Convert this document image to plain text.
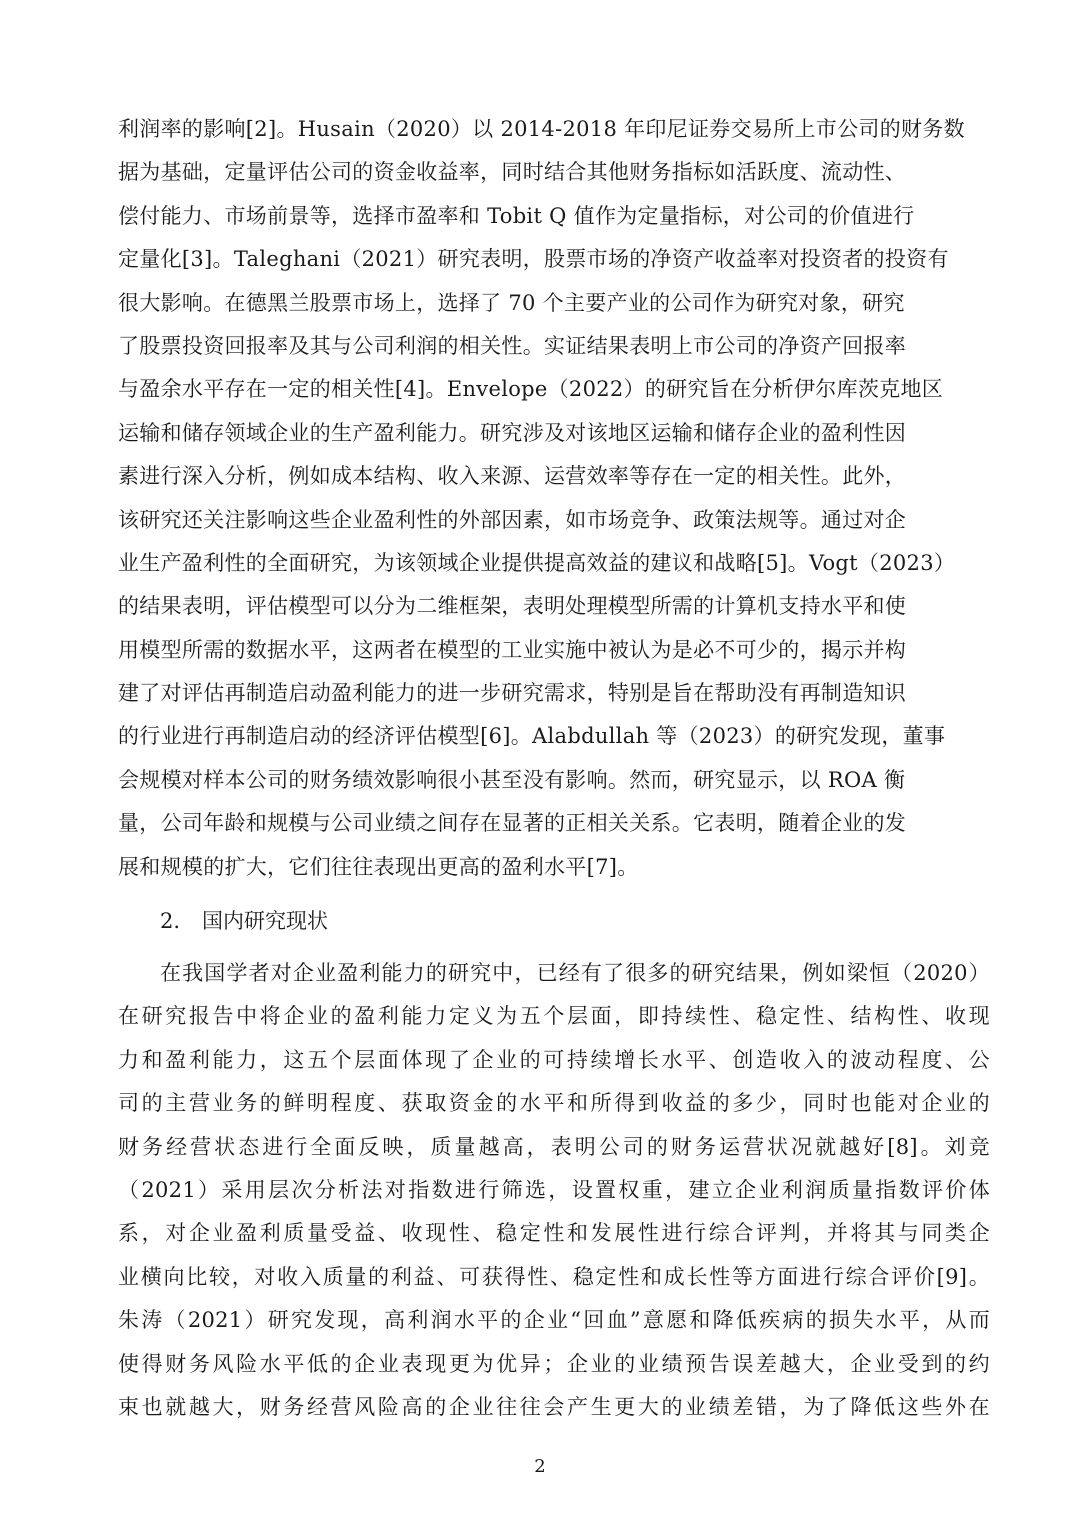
利润率的影响[2]。Husain（2020）以 2014-2018 年印尼证券交易所上市公司的财务数
据为基础，定量评估公司的资金收益率，同时结合其他财务指标如活跃度、流动性、
偿付能力、市场前景等，选择市盈率和 Tobit Q 值作为定量指标，对公司的价值进行
定量化[3]。Taleghani（2021）研究表明，股票市场的净资产收益率对投资者的投资有
很大影响。在德黑兰股票市场上，选择了 70 个主要产业的公司作为研究对象，研究
了股票投资回报率及其与公司利润的相关性。实证结果表明上市公司的净资产回报率
与盈余水平存在一定的相关性[4]。Envelope（2022）的研究旨在分析伊尔库茨克地区
运输和储存领域企业的生产盈利能力。研究涉及对该地区运输和储存企业的盈利性因
素进行深入分析，例如成本结构、收入来源、运营效率等存在一定的相关性。此外，
该研究还关注影响这些企业盈利性的外部因素，如市场竞争、政策法规等。通过对企
业生产盈利性的全面研究，为该领域企业提供提高效益的建议和战略[5]。Vogt（2023）
的结果表明，评估模型可以分为二维框架，表明处理模型所需的计算机支持水平和使
用模型所需的数据水平，这两者在模型的工业实施中被认为是必不可少的，揭示并构
建了对评估再制造启动盈利能力的进一步研究需求，特别是旨在帮助没有再制造知识
的行业进行再制造启动的经济评估模型[6]。Alabdullah 等（2023）的研究发现，董事
会规模对样本公司的财务绩效影响很小甚至没有影响。然而，研究显示，以 ROA 衡
量，公司年龄和规模与公司业绩之间存在显著的正相关关系。它表明，随着企业的发
展和规模的扩大，它们往往表现出更高的盈利水平[7]。
2. 国内研究现状
在我国学者对企业盈利能力的研究中，已经有了很多的研究结果，例如梁恒（2020）
在研究报告中将企业的盈利能力定义为五个层面，即持续性、稳定性、结构性、收现
力和盈利能力，这五个层面体现了企业的可持续增长水平、创造收入的波动程度、公
司的主营业务的鲜明程度、获取资金的水平和所得到收益的多少，同时也能对企业的
财务经营状态进行全面反映，质量越高，表明公司的财务运营状况就越好[8]。刘竞
（2021）采用层次分析法对指数进行筛选，设置权重，建立企业利润质量指数评价体
系，对企业盈利质量受益、收现性、稳定性和发展性进行综合评判，并将其与同类企
业横向比较，对收入质量的利益、可获得性、稳定性和成长性等方面进行综合评价[9]。
朱涛（2021）研究发现，高利润水平的企业“回血”意愿和降低疾病的损失水平，从而
使得财务风险水平低的企业表现更为优异；企业的业绩预告误差越大，企业受到的约
束也就越大，财务经营风险高的企业往往会产生更大的业绩差错，为了降低这些外在
2
